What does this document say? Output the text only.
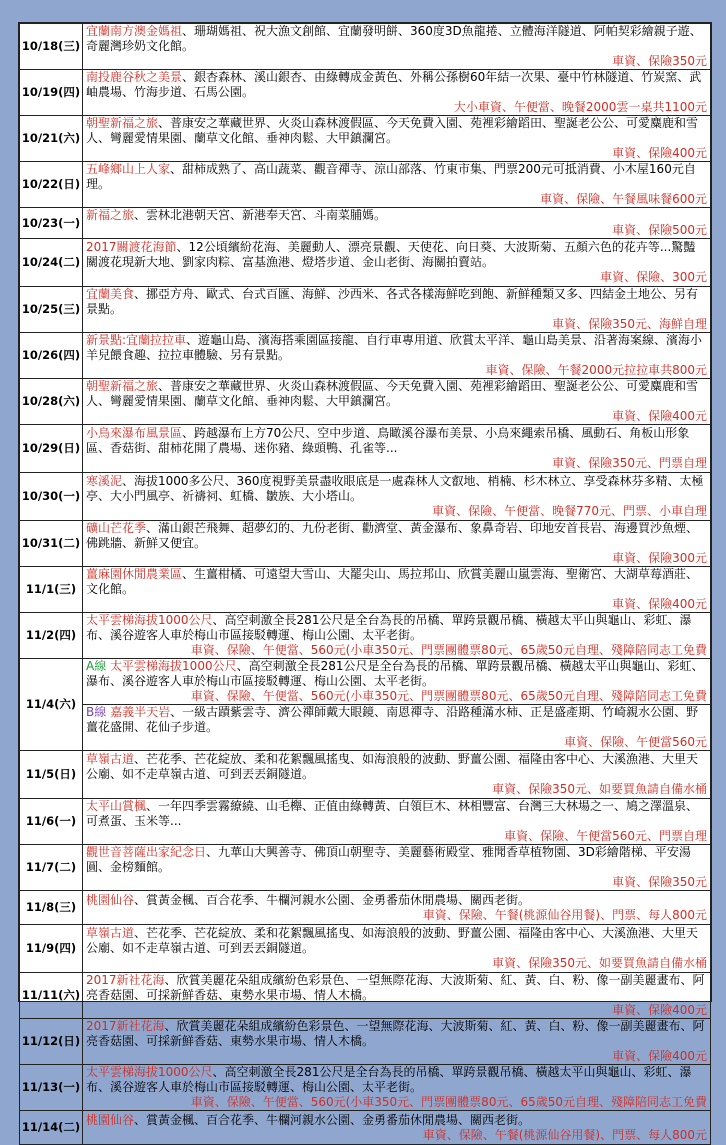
10/18(三)	宜蘭南方澳金媽祖、珊瑚媽祖、祝大漁文創館、宜蘭發明餅、360度3D魚龍捲、立體海洋隧道、阿帕契彩繪親子遊、奇麗灣珍奶文化館。
車資、保險350元

10/19(四)	南投鹿谷秋之美景、銀杏森林、溪山銀杏、由綠轉成金黃色、外稱公孫樹60年結一次果、臺中竹林隧道、竹炭窯、武岫農場、竹海步道、石馬公園。
大小車資、午便當、晚餐2000雲一桌共1100元

10/21(六)	朝聖新福之旅、普康安之華藏世界、火炎山森林渡假區、今天免費入園、苑裡彩繪蹈田、聖誕老公公、可愛麋鹿和雪人、彎麗愛情果園、蘭草文化館、垂神肉鬆、大甲鎮瀾宮。
車資、保險400元

10/22(日)	五峰鄉山上人家、甜柿成熟了、高山蔬菜、觀音禪寺、涼山部落、竹東市集、門票200元可抵消費、小木屋160元自理。
車資、保險、午餐風味餐600元

10/23(一)	新福之旅、雲林北港朝天宮、新港奉天宮、斗南菜脯媽。
車資、保險500元

10/24(二)	2017關渡花海節、12公頃繽紛花海、美麗動人、漂亮景觀、天使花、向日葵、大波斯菊、五顏六色的花卉等...驚豔關渡花現新大地、劉家肉粽、富基漁港、燈塔步道、金山老街、海關拍賣站。
車資、保險、300元

10/25(三)	宜蘭美食、挪亞方舟、歐式、台式百匯、海鮮、沙西米、各式各樣海鮮吃到飽、新鮮種類又多、四結金土地公、另有景點。
車資、保險350元、海鮮自理

10/26(四)	新景點:宜蘭拉拉車、遊龜山島、濱海搭乘園區接龍、自行車專用道、欣賞太平洋、龜山島美景、沿著海案線、濱海小羊兒餵食趣、拉拉車體驗、另有景點。
車資、保險、午餐2000元拉拉車共800元

10/28(六)	朝聖新福之旅、普康安之華藏世界、火炎山森林渡假區、今天免費入園、苑裡彩繪蹈田、聖誕老公公、可愛麋鹿和雪人、彎麗愛情果園、蘭草文化館、垂神肉鬆、大甲鎮瀾宮。
車資、保險400元

10/29(日)	小烏來瀑布風景區、跨越瀑布上方70公尺、空中步道、鳥瞰溪谷瀑布美景、小烏來繩索吊橋、風動石、角板山形象區、香菇街、甜柿花開了農場、迷你豬、綠頭鴨、孔雀等...
車資、保險350元、門票自理

10/30(一)	寒溪泥、海拔1000多公尺、360度視野美景盡收眼底是一處森林人文叡地、梢楠、杉木林立、享受森林芬多精、太極亭、大小門風亭、祈禱祠、虹橋、皺族、大小塔山。
車資、保險、午便當、晚餐770元、門票、小車自理

10/31(二)	礦山芒花季、滿山銀芒飛舞、超夢幻的、九份老街、勸濟堂、黃金瀑布、象鼻奇岩、印地安首長岩、海邊買沙魚煙、佛跳牆、新鮮又便宜。
車資、保險300元

11/1(三)	薑麻園休閒農業區、生薑柑橘、可遠望大雪山、大罷尖山、馬拉邦山、欣賞美麗山嵐雲海、聖衛宮、大湖草莓酒莊、文化館。
車資、保險400元

11/2(四)	太平雲梯海拔1000公尺、高空刺激全長281公尺是全台為長的吊橋、單跨景觀吊橋、橫越太平山與龜山、彩虹、瀑布、溪谷遊客人車於梅山市區接駁轉運、梅山公園、太平老街。
車資、保險、午便當、560元(小車350元、門票團體票80元、65歲50元自理、殘障陪同志工免費

11/4(六)	A線 太平雲梯海拔1000公尺、高空刺激全長281公尺是全台為長的吊橋、單跨景觀吊橋、橫越太平山與龜山、彩虹、瀑布、溪谷遊客人車於梅山市區接駁轉運、梅山公園、太平老街。
車資、保險、午便當、560元(小車350元、門票團體票80元、65歲50元自理、殘障陪同志工免費
B線 嘉義半天岩、一級古蹟紫雲寺、濟公禪師戴大眼鏡、南恩禪寺、沿路種滿水柿、正是盛產期、竹崎親水公園、野薑花盛開、花仙子步道。
車資、保險、午便當560元

11/5(日)	草嶺古道、芒花季、芒花綻放、柔和花絮飄風搖曳、如海浪般的波動、野薑公園、福隆由客中心、大溪漁港、大里天公廟、如不走草嶺古道、可到丟丟銅隧道。
車資、保險350元、如要買魚請自備水桶

11/6(一)	太平山賞楓、一年四季雲霧繚繞、山毛櫸、正值由綠轉黃、白領巨木、林相豐富、台灣三大林場之一、鳩之澤溫泉、可煮蛋、玉米等...
車資、保險、午便當560元、門票自理

11/7(二)	觀世音菩薩出家紀念日、九華山大興善寺、佛頂山朝聖寺、美麗藝術殿堂、雅聞香草植物園、3D彩繪階梯、平安湯圓、金榜麵館。
車資、保險350元

11/8(三)	桃園仙谷、賞黃金楓、百合花季、牛欄河親水公園、金勇番茄休閒農場、關西老街。
車資、保險、午餐(桃源仙谷用餐)、門票、每人800元

11/9(四)	草嶺古道、芒花季、芒花綻放、柔和花絮飄風搖曳、如海浪般的波動、野薑公園、福隆由客中心、大溪漁港、大里天公廟、如不走草嶺古道、可到丟丟銅隧道。
車資、保險350元、如要買魚請自備水桶

11/11(六)	2017新社花海、欣賞美麗花朵組成繽紛色彩景色、一望無際花海、大波斯菊、紅、黃、白、粉、像一副美麗畫布、阿亮香菇園、可採新鮮香菇、東勢水果市場、情人木橋。
車資、保險400元

11/12(日)	2017新社花海、欣賞美麗花朵組成繽紛色彩景色、一望無際花海、大波斯菊、紅、黃、白、粉、像一副美麗畫布、阿亮香菇園、可採新鮮香菇、東勢水果市場、情人木橋。
車資、保險400元

11/13(一)	太平雲梯海拔1000公尺、高空刺激全長281公尺是全台為長的吊橋、單跨景觀吊橋、橫越太平山與龜山、彩虹、瀑布、溪谷遊客人車於梅山市區接駁轉運、梅山公園、太平老街。
車資、保險、午便當、560元(小車350元、門票團體票80元、65歲50元自理、殘障陪同志工免費

11/14(二)	桃園仙谷、賞黃金楓、百合花季、牛欄河親水公園、金勇番茄休閒農場、關西老街。
車資、保險、午餐(桃源仙谷用餐)、門票、每人800元
